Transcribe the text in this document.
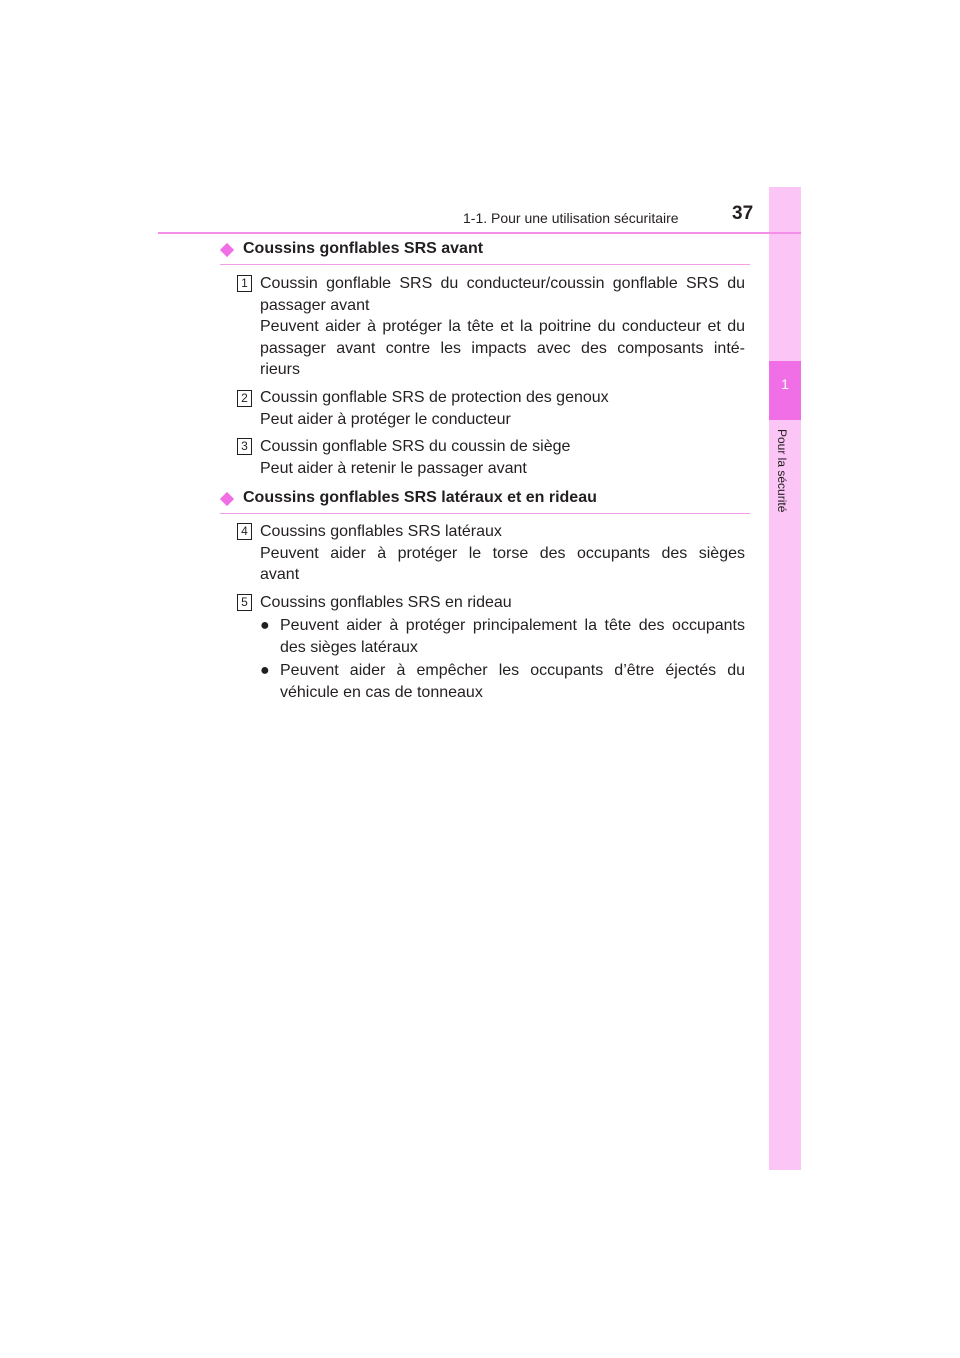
1
Pour la sécurité
1-1. Pour une utilisation sécuritaire	37
Coussins gonflables SRS avant
1 Coussin gonflable SRS du conducteur/coussin gonflable SRS du
passager avant
Peuvent aider à protéger la tête et la poitrine du conducteur et du
passager avant contre les impacts avec des composants inté-
rieurs
2 Coussin gonflable SRS de protection des genoux
Peut aider à protéger le conducteur
3 Coussin gonflable SRS du coussin de siège
Peut aider à retenir le passager avant
Coussins gonflables SRS latéraux et en rideau
4 Coussins gonflables SRS latéraux
Peuvent aider à protéger le torse des occupants des sièges
avant
5 Coussins gonflables SRS en rideau
● Peuvent aider à protéger principalement la tête des occupants
des sièges latéraux
● Peuvent aider à empêcher les occupants d’être éjectés du
véhicule en cas de tonneaux
